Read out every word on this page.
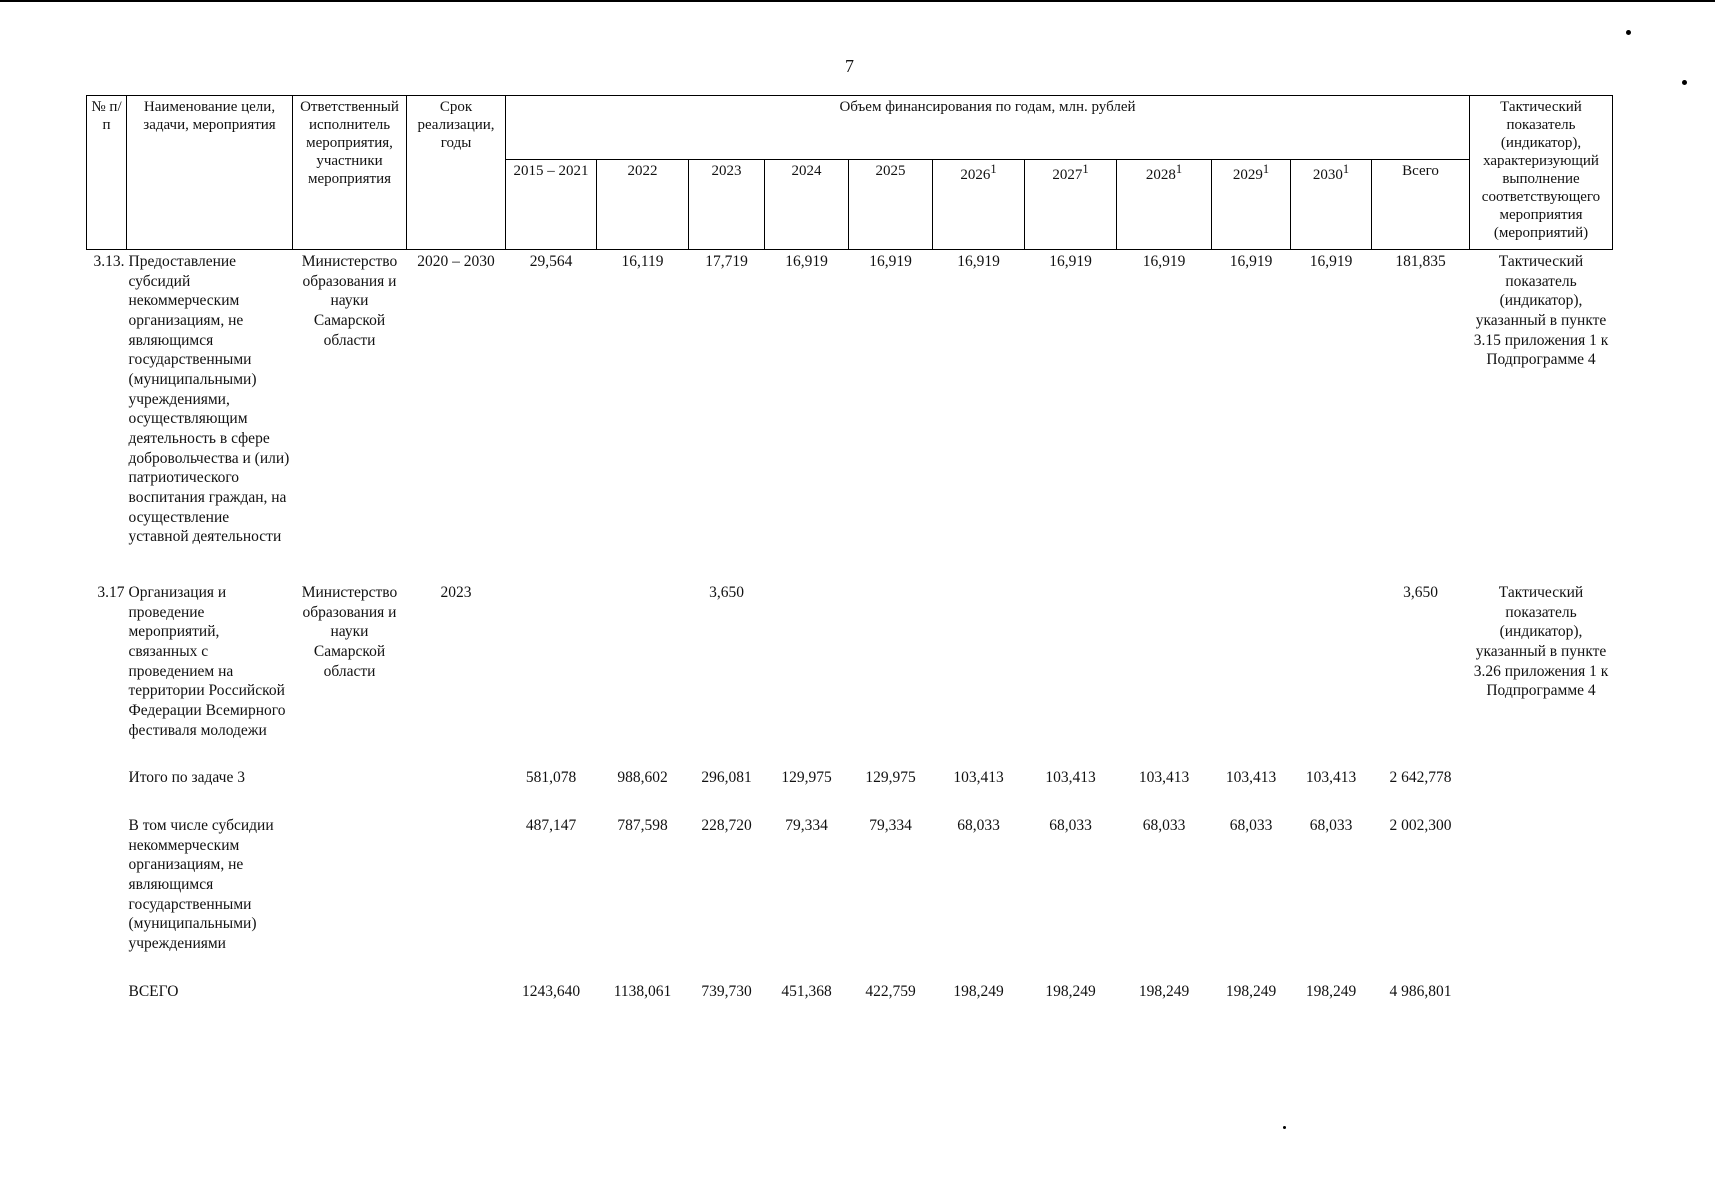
7
№ п/п	Наименование цели, задачи, мероприятия	Ответственный исполнитель мероприятия, участники мероприятия	Срок реализации, годы	Объем финансирования по годам, млн. рублей											Тактический показатель (индикатор), характеризующий выполнение соответствующего мероприятия (мероприятий)
				2015 – 2021	2022	2023	2024	2025	2026$^1$	2027$^1$	2028$^1$	2029$^1$	2030$^1$	Всего	
3.13.	Предоставление субсидий некоммерческим организациям, не являющимся государственными (муниципальными) учреждениями, осуществляющим деятельность в сфере добровольчества и (или) патриотического воспитания граждан, на осуществление уставной деятельности	Министерство образования и науки Самарской области	2020 – 2030	29,564	16,119	17,719	16,919	16,919	16,919	16,919	16,919	16,919	16,919	181,835	Тактический показатель (индикатор), указанный в пункте 3.15 приложения 1 к Подпрограмме 4

3.17	Организация и проведение мероприятий, связанных с проведением на территории Российской Федерации Всемирного фестиваля молодежи	Министерство образования и науки Самарской области	2023			3,650								3,650	Тактический показатель (индикатор), указанный в пункте 3.26 приложения 1 к Подпрограмме 4

	Итого по задаче 3			581,078	988,602	296,081	129,975	129,975	103,413	103,413	103,413	103,413	103,413	2 642,778	

	В том числе субсидии некоммерческим организациям, не являющимся государственными (муниципальными) учреждениями			487,147	787,598	228,720	79,334	79,334	68,033	68,033	68,033	68,033	68,033	2 002,300	

	ВСЕГО			1243,640	1138,061	739,730	451,368	422,759	198,249	198,249	198,249	198,249	198,249	4 986,801	
